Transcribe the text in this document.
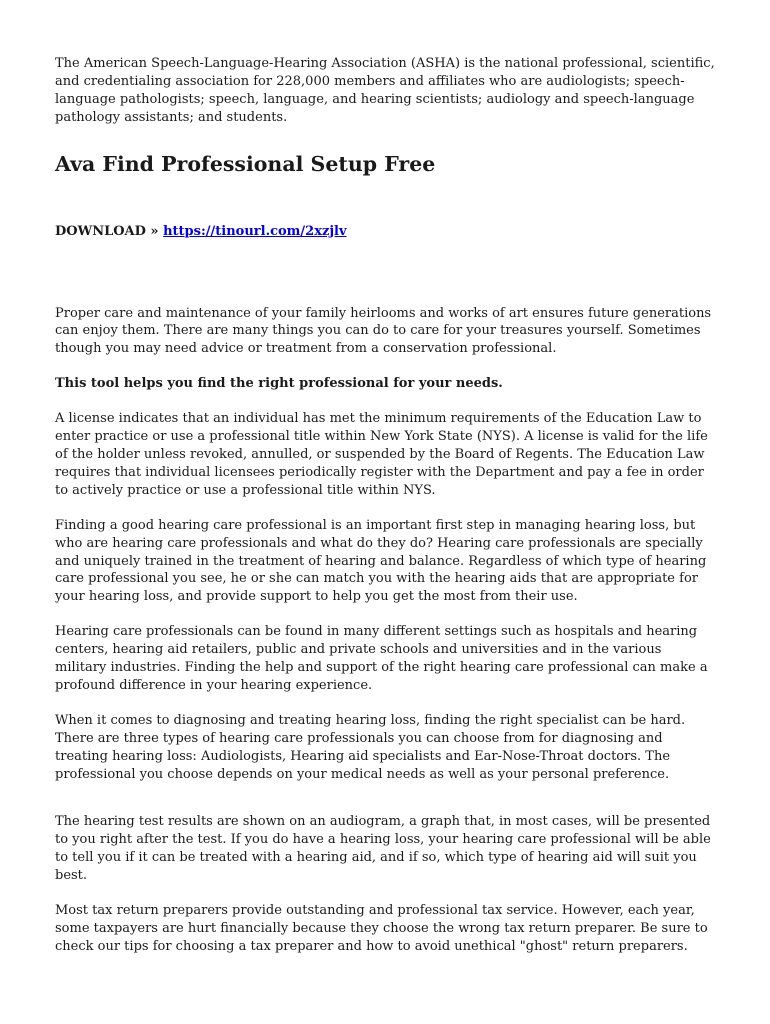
The American Speech-Language-Hearing Association (ASHA) is the national professional, scientific, and credentialing association for 228,000 members and affiliates who are audiologists; speech-language pathologists; speech, language, and hearing scientists; audiology and speech-language pathology assistants; and students.

Ava Find Professional Setup Free

DOWNLOAD » https://tinourl.com/2xzjlv

Proper care and maintenance of your family heirlooms and works of art ensures future generations can enjoy them. There are many things you can do to care for your treasures yourself. Sometimes though you may need advice or treatment from a conservation professional.

This tool helps you find the right professional for your needs.

A license indicates that an individual has met the minimum requirements of the Education Law to enter practice or use a professional title within New York State (NYS). A license is valid for the life of the holder unless revoked, annulled, or suspended by the Board of Regents. The Education Law requires that individual licensees periodically register with the Department and pay a fee in order to actively practice or use a professional title within NYS.

Finding a good hearing care professional is an important first step in managing hearing loss, but who are hearing care professionals and what do they do? Hearing care professionals are specially and uniquely trained in the treatment of hearing and balance. Regardless of which type of hearing care professional you see, he or she can match you with the hearing aids that are appropriate for your hearing loss, and provide support to help you get the most from their use.

Hearing care professionals can be found in many different settings such as hospitals and hearing centers, hearing aid retailers, public and private schools and universities and in the various military industries. Finding the help and support of the right hearing care professional can make a profound difference in your hearing experience.

When it comes to diagnosing and treating hearing loss, finding the right specialist can be hard. There are three types of hearing care professionals you can choose from for diagnosing and treating hearing loss: Audiologists, Hearing aid specialists and Ear-Nose-Throat doctors. The professional you choose depends on your medical needs as well as your personal preference.

The hearing test results are shown on an audiogram, a graph that, in most cases, will be presented to you right after the test. If you do have a hearing loss, your hearing care professional will be able to tell you if it can be treated with a hearing aid, and if so, which type of hearing aid will suit you best.

Most tax return preparers provide outstanding and professional tax service. However, each year, some taxpayers are hurt financially because they choose the wrong tax return preparer. Be sure to check our tips for choosing a tax preparer and how to avoid unethical "ghost" return preparers.
